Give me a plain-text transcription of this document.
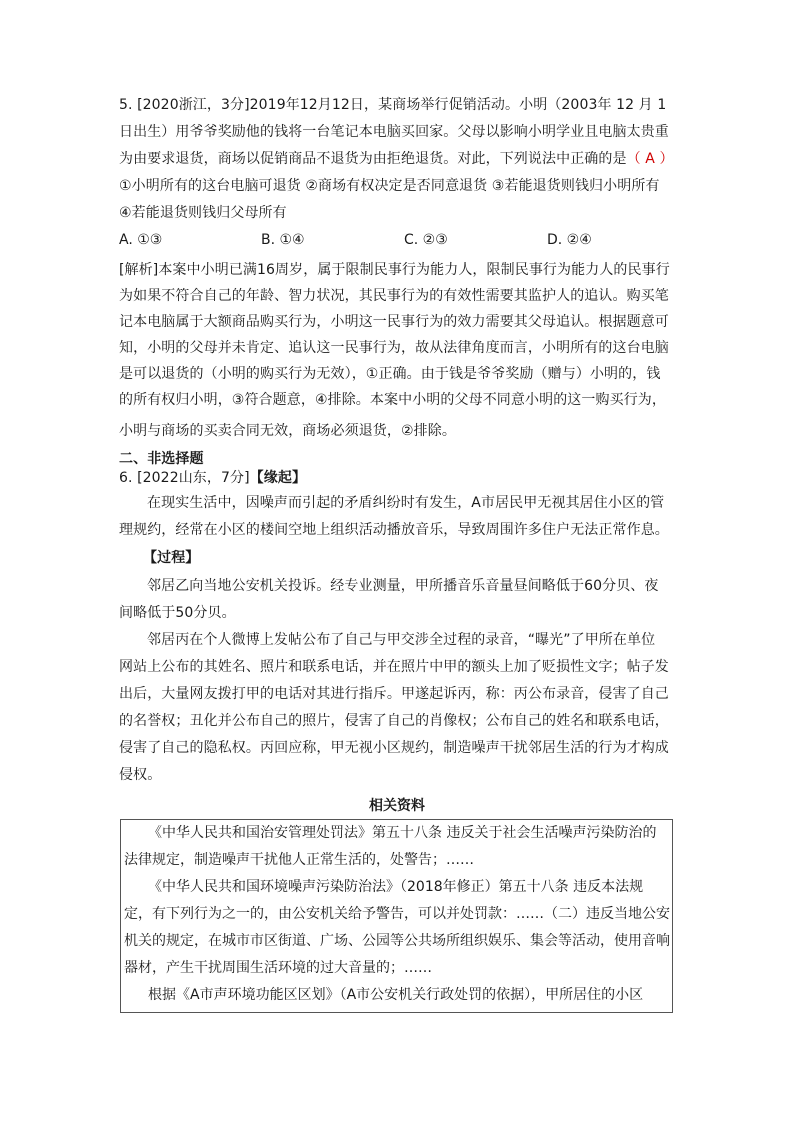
5. [2020浙江，3分]2019年12月12日，某商场举行促销活动。小明（2003年 12 月 1
日出生）用爷爷奖励他的钱将一台笔记本电脑买回家。父母以影响小明学业且电脑太贵重
为由要求退货，商场以促销商品不退货为由拒绝退货。对此，下列说法中正确的是（ A ）
①小明所有的这台电脑可退货 ②商场有权决定是否同意退货 ③若能退货则钱归小明所有
④若能退货则钱归父母所有
A. ①③	B. ①④	C. ②③	D. ②④
[解析]本案中小明已满16周岁，属于限制民事行为能力人，限制民事行为能力人的民事行
为如果不符合自己的年龄、智力状况，其民事行为的有效性需要其监护人的追认。购买笔
记本电脑属于大额商品购买行为，小明这一民事行为的效力需要其父母追认。根据题意可
知，小明的父母并未肯定、追认这一民事行为，故从法律角度而言，小明所有的这台电脑
是可以退货的（小明的购买行为无效），①正确。由于钱是爷爷奖励（赠与）小明的，钱
的所有权归小明，③符合题意，④排除。本案中小明的父母不同意小明的这一购买行为，
小明与商场的买卖合同无效，商场必须退货，②排除。
二、非选择题
6. [2022山东，7分]【缘起】
在现实生活中，因噪声而引起的矛盾纠纷时有发生，A市居民甲无视其居住小区的管
理规约，经常在小区的楼间空地上组织活动播放音乐，导致周围许多住户无法正常作息。
【过程】
邻居乙向当地公安机关投诉。经专业测量，甲所播音乐音量昼间略低于60分贝、夜
间略低于50分贝。
邻居丙在个人微博上发帖公布了自己与甲交涉全过程的录音，“曝光”了甲所在单位
网站上公布的其姓名、照片和联系电话，并在照片中甲的额头上加了贬损性文字；帖子发
出后，大量网友拨打甲的电话对其进行指斥。甲遂起诉丙，称：丙公布录音，侵害了自己
的名誉权；丑化并公布自己的照片，侵害了自己的肖像权；公布自己的姓名和联系电话，
侵害了自己的隐私权。丙回应称，甲无视小区规约，制造噪声干扰邻居生活的行为才构成
侵权。
相关资料
《中华人民共和国治安管理处罚法》第五十八条 违反关于社会生活噪声污染防治的
法律规定，制造噪声干扰他人正常生活的，处警告；……
《中华人民共和国环境噪声污染防治法》（2018年修正）第五十八条 违反本法规
定，有下列行为之一的，由公安机关给予警告，可以并处罚款：……（二）违反当地公安
机关的规定，在城市市区街道、广场、公园等公共场所组织娱乐、集会等活动，使用音响
器材，产生干扰周围生活环境的过大音量的；……
根据《A市声环境功能区区划》（A市公安机关行政处罚的依据），甲所居住的小区
